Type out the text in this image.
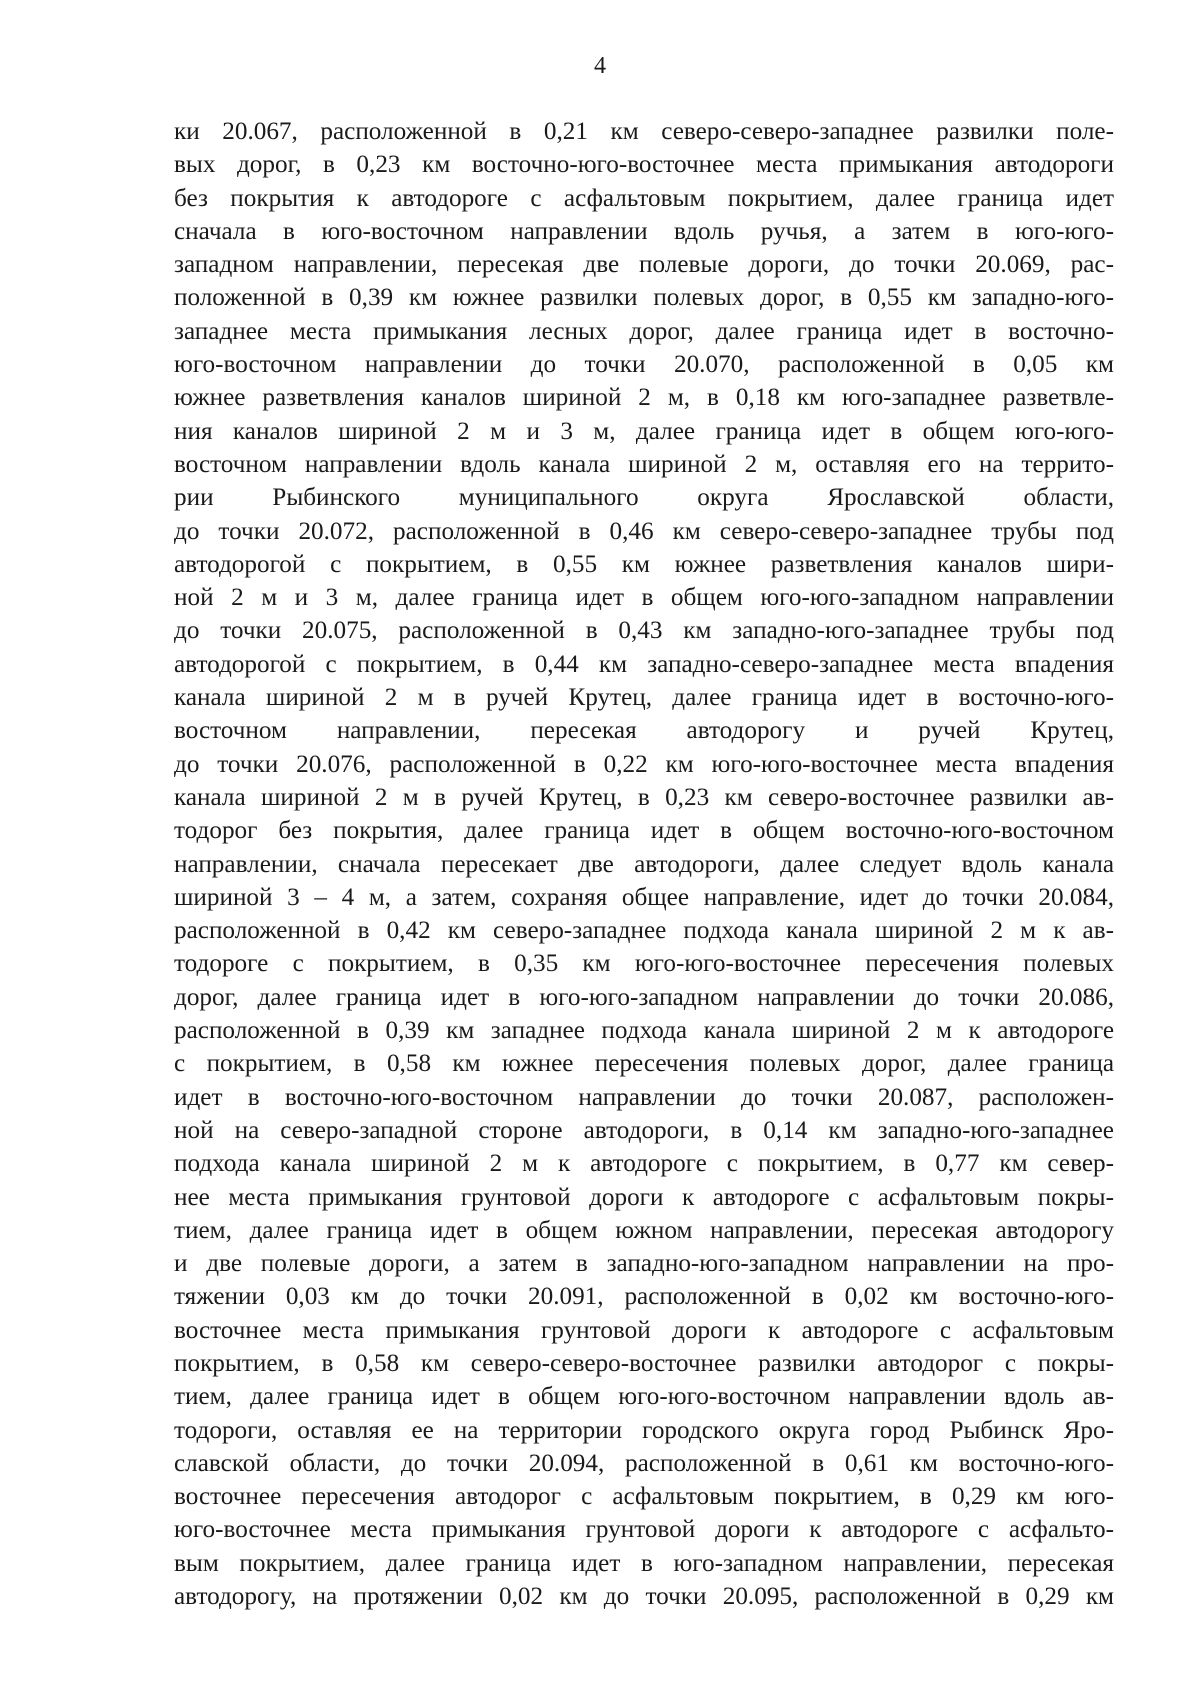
4
ки 20.067, расположенной в 0,21 км северо-северо-западнее развилки поле-
вых дорог, в 0,23 км восточно-юго-восточнее места примыкания автодороги
без покрытия к автодороге с асфальтовым покрытием, далее граница идет
сначала в юго-восточном направлении вдоль ручья, а затем в юго-юго-
западном направлении, пересекая две полевые дороги, до точки 20.069, рас-
положенной в 0,39 км южнее развилки полевых дорог, в 0,55 км западно-юго-
западнее места примыкания лесных дорог, далее граница идет в восточно-
юго-восточном направлении до точки 20.070, расположенной в 0,05 км
южнее разветвления каналов шириной 2 м, в 0,18 км юго-западнее разветвле-
ния каналов шириной 2 м и 3 м, далее граница идет в общем юго-юго-
восточном направлении вдоль канала шириной 2 м, оставляя его на террито-
рии Рыбинского муниципального округа Ярославской области,
до точки 20.072, расположенной в 0,46 км северо-северо-западнее трубы под
автодорогой с покрытием, в 0,55 км южнее разветвления каналов шири-
ной 2 м и 3 м, далее граница идет в общем юго-юго-западном направлении
до точки 20.075, расположенной в 0,43 км западно-юго-западнее трубы под
автодорогой с покрытием, в 0,44 км западно-северо-западнее места впадения
канала шириной 2 м в ручей Крутец, далее граница идет в восточно-юго-
восточном направлении, пересекая автодорогу и ручей Крутец,
до точки 20.076, расположенной в 0,22 км юго-юго-восточнее места впадения
канала шириной 2 м в ручей Крутец, в 0,23 км северо-восточнее развилки ав-
тодорог без покрытия, далее граница идет в общем восточно-юго-восточном
направлении, сначала пересекает две автодороги, далее следует вдоль канала
шириной 3 – 4 м, а затем, сохраняя общее направление, идет до точки 20.084,
расположенной в 0,42 км северо-западнее подхода канала шириной 2 м к ав-
тодороге с покрытием, в 0,35 км юго-юго-восточнее пересечения полевых
дорог, далее граница идет в юго-юго-западном направлении до точки 20.086,
расположенной в 0,39 км западнее подхода канала шириной 2 м к автодороге
с покрытием, в 0,58 км южнее пересечения полевых дорог, далее граница
идет в восточно-юго-восточном направлении до точки 20.087, расположен-
ной на северо-западной стороне автодороги, в 0,14 км западно-юго-западнее
подхода канала шириной 2 м к автодороге с покрытием, в 0,77 км север-
нее места примыкания грунтовой дороги к автодороге с асфальтовым покры-
тием, далее граница идет в общем южном направлении, пересекая автодорогу
и две полевые дороги, а затем в западно-юго-западном направлении на про-
тяжении 0,03 км до точки 20.091, расположенной в 0,02 км восточно-юго-
восточнее места примыкания грунтовой дороги к автодороге с асфальтовым
покрытием, в 0,58 км северо-северо-восточнее развилки автодорог с покры-
тием, далее граница идет в общем юго-юго-восточном направлении вдоль ав-
тодороги, оставляя ее на территории городского округа город Рыбинск Яро-
славской области, до точки 20.094, расположенной в 0,61 км восточно-юго-
восточнее пересечения автодорог с асфальтовым покрытием, в 0,29 км юго-
юго-восточнее места примыкания грунтовой дороги к автодороге с асфальто-
вым покрытием, далее граница идет в юго-западном направлении, пересекая
автодорогу, на протяжении 0,02 км до точки 20.095, расположенной в 0,29 км
